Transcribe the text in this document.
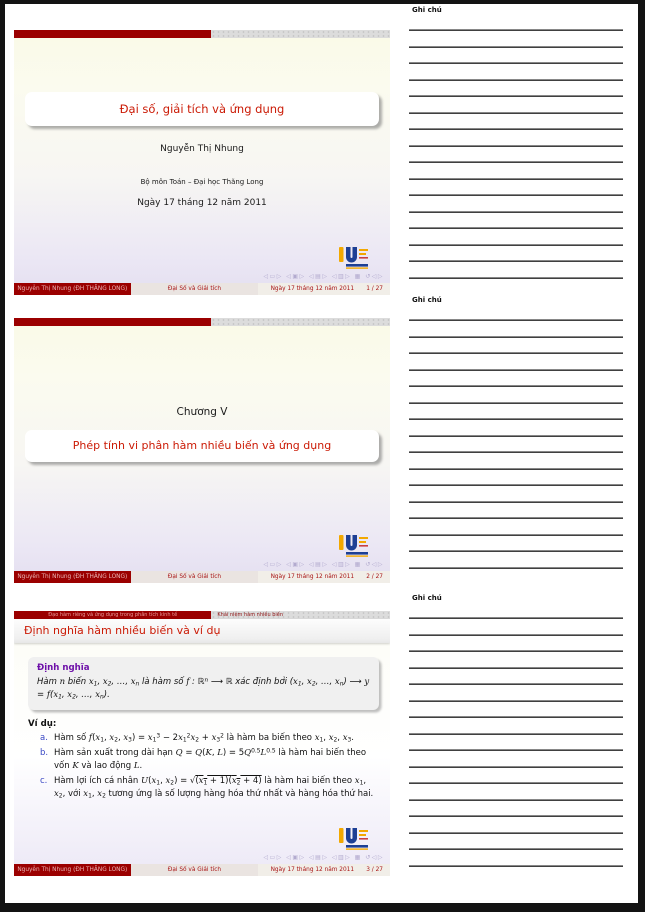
Đại số, giải tích và ứng dụng
Nguyễn Thị Nhung
Bộ môn Toán – Đại học Thăng Long
Ngày 17 tháng 12 năm 2011
◁▭▷ ◁▣▷ ◁▤▷ ◁▥▷ ▦ ↺◁▷
Nguyễn Thị Nhung (ĐH THĂNG LONG)	Đại Số và Giải tích	Ngày 17 tháng 12 năm 2011	1 / 27
Chương V
Phép tính vi phân hàm nhiều biến và ứng dụng
◁▭▷ ◁▣▷ ◁▤▷ ◁▥▷ ▦ ↺◁▷
Nguyễn Thị Nhung (ĐH THĂNG LONG)	Đại Số và Giải tích	Ngày 17 tháng 12 năm 2011	2 / 27
Đạo hàm riêng và ứng dụng trong phân tích kinh tế	Khái niệm hàm nhiều biến
Định nghĩa hàm nhiều biến và ví dụ
Định nghĩa
Hàm n biến $x_1$, $x_2$, …, $x_n$ là hàm số f : ℝ$^n$ ⟶ ℝ xác định bởi ($x_1$, $x_2$, …, $x_n$) ⟶ $y = f(x_1$, $x_2$, …, $x_n$).
Ví dụ:
a. Hàm số $f(x_1$, $x_2$, $x_3) = x_1^3 - 2x_1^2x_2 + x_3^2$ là hàm ba biến theo $x_1$, $x_2$, $x_3$.
b. Hàm sản xuất trong dài hạn Q = Q(K, $L) = 5Q^{0.5}L^{0.5}$ là hàm hai biến theo vốn K và lao động L.
c. Hàm lợi ích cá nhân $U(x_1$, $x_2) = √(x_1 + 1)(x_2 + 4)$ là hàm hai biến theo $x_1$, $x_2$, với $x_1$, $x_2$ tương ứng là số lượng hàng hóa thứ nhất và hàng hóa thứ hai.
◁▭▷ ◁▣▷ ◁▤▷ ◁▥▷ ▦ ↺◁▷
Nguyễn Thị Nhung (ĐH THĂNG LONG)	Đại Số và Giải tích	Ngày 17 tháng 12 năm 2011	3 / 27
Ghi chú
Ghi chú
Ghi chú
